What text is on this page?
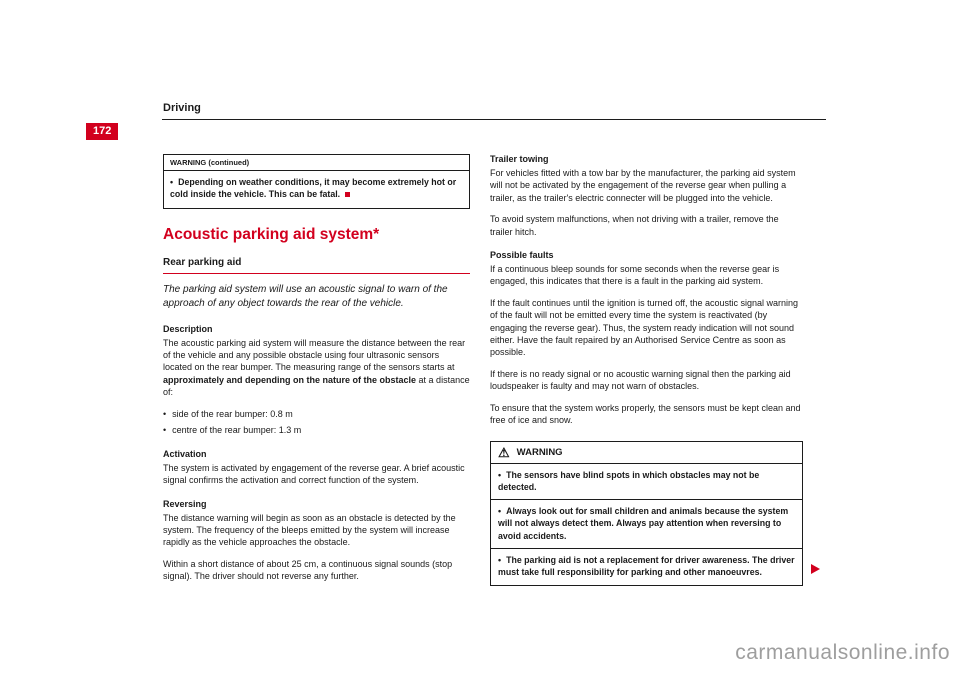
Driving
172
WARNING (continued)
• Depending on weather conditions, it may become extremely hot or cold inside the vehicle. This can be fatal.
Acoustic parking aid system*
Rear parking aid

The parking aid system will use an acoustic signal to warn of the approach of any object towards the rear of the vehicle.

Description

The acoustic parking aid system will measure the distance between the rear of the vehicle and any possible obstacle using four ultrasonic sensors located on the rear bumper. The measuring range of the sensors starts at approximately and depending on the nature of the obstacle at a distance of:

• side of the rear bumper: 0.8 m
• centre of the rear bumper: 1.3 m
Activation

The system is activated by engagement of the reverse gear. A brief acoustic signal confirms the activation and correct function of the system.

Reversing

The distance warning will begin as soon as an obstacle is detected by the system. The frequency of the bleeps emitted by the system will increase rapidly as the vehicle approaches the obstacle.

Within a short distance of about 25 cm, a continuous signal sounds (stop signal). The driver should not reverse any further.

Trailer towing

For vehicles fitted with a tow bar by the manufacturer, the parking aid system will not be activated by the engagement of the reverse gear when pulling a trailer, as the trailer's electric connecter will be plugged into the vehicle.

To avoid system malfunctions, when not driving with a trailer, remove the trailer hitch.

Possible faults

If a continuous bleep sounds for some seconds when the reverse gear is engaged, this indicates that there is a fault in the parking aid system.

If the fault continues until the ignition is turned off, the acoustic signal warning of the fault will not be emitted every time the system is reactivated (by engaging the reverse gear). Thus, the system ready indication will not sound either. Have the fault repaired by an Authorised Service Centre as soon as possible.

If there is no ready signal or no acoustic warning signal then the parking aid loudspeaker is faulty and may not warn of obstacles.

To ensure that the system works properly, the sensors must be kept clean and free of ice and snow.

⚠ WARNING
• The sensors have blind spots in which obstacles may not be detected.
• Always look out for small children and animals because the system will not always detect them. Always pay attention when reversing to avoid accidents.
• The parking aid is not a replacement for driver awareness. The driver must take full responsibility for parking and other manoeuvres.
carmanualsonline.info
